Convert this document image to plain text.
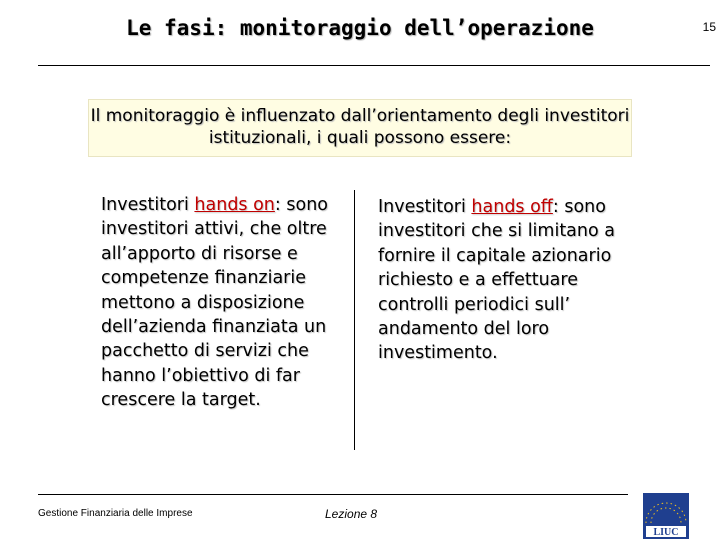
Le fasi: monitoraggio dell’operazione	15
Il monitoraggio è influenzato dall’orientamento degli investitori istituzionali, i quali possono essere:

Investitori hands on: sono investitori attivi, che oltre all’apporto di risorse e competenze finanziarie mettono a disposizione dell’azienda finanziata un pacchetto di servizi che hanno l’obiettivo di far crescere la target.

Investitori hands off: sono investitori che si limitano a fornire il capitale azionario richiesto e a effettuare controlli periodici sull’ andamento del loro investimento.

Gestione Finanziaria delle Imprese	Lezione 8
LIUC
